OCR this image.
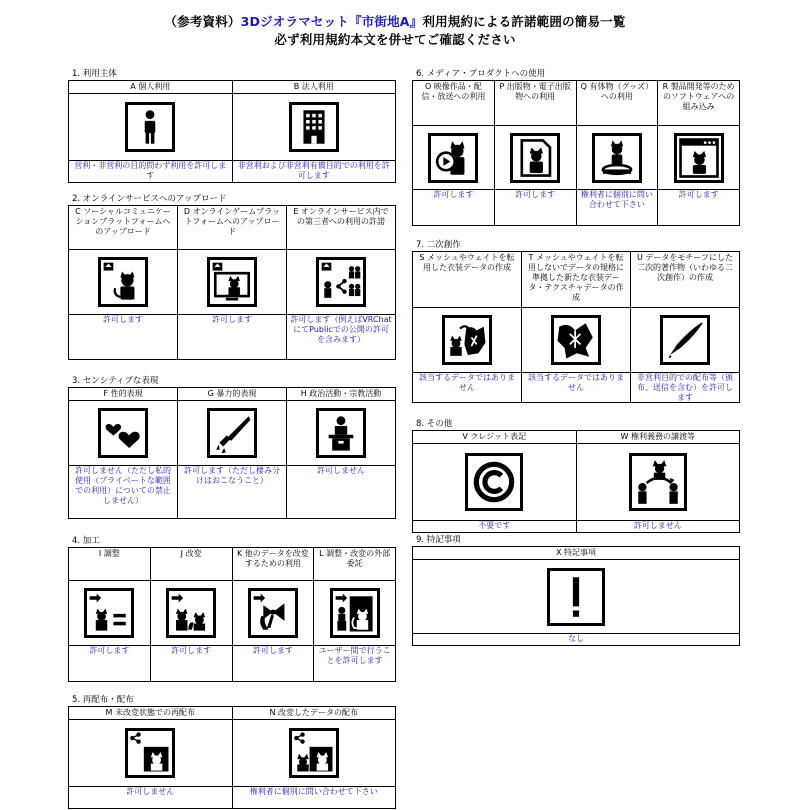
（参考資料）3Dジオラマセット『市街地A』利用規約による許諾範囲の簡易一覧
必ず利用規約本文を併せてご確認ください
1. 利用主体
A 個人利用
営利・非営利の目的問わず利用を許可します
B 法人利用
非営利および非営利有償目的での利用を許可します
2. オンラインサービスへのアップロード
C ソーシャルコミュニケーションプラットフォームへのアップロード
許可します
D オンラインゲームプラットフォームへのアップロード
許可します
E オンラインサービス内での第三者への利用の許諾
許可します（例えばVRChatにてPublicでの公開の許可を含みます）
3. センシティブな表現
F 性的表現
許可しません（ただし私的使用（プライベートな範囲での利用）についての禁止しません）
G 暴力的表現
許可します（ただし棲み分けはおこなうこと）
H 政治活動・宗教活動
許可しません
4. 加工
I 調整
許可します
J 改変
許可します
K 他のデータを改変するための利用
許可します
L 調整・改変の外部委託
ユーザー間で行うことを許可します
5. 再配布・配布
M 未改変状態での再配布
許可しません
N 改変したデータの配布
権利者に個別に問い合わせて下さい
6. メディア・プロダクトへの使用
O 映像作品・配信・放送への利用
許可します
P 出版物・電子出版物への利用
許可します
Q 有体物（グッズ）への利用
権利者に個別に問い合わせて下さい
R 製品開発等のためのソフトウェアへの組み込み
許可します
7. 二次創作
S メッシュやウェイトを転用した衣装データの作成
該当するデータではありません
T メッシュやウェイトを転用しないでデータの規格に準拠した新たな衣装データ・テクスチャデータの作成
該当するデータではありません
U データをモチーフにした二次的著作物（いわゆる二次創作）の作成
非営利目的での配布等（頒布、送信を含む）を許可します
8. その他
V クレジット表記
不要です
W 権利義務の譲渡等
許可しません
9. 特記事項
X 特記事項
なし
